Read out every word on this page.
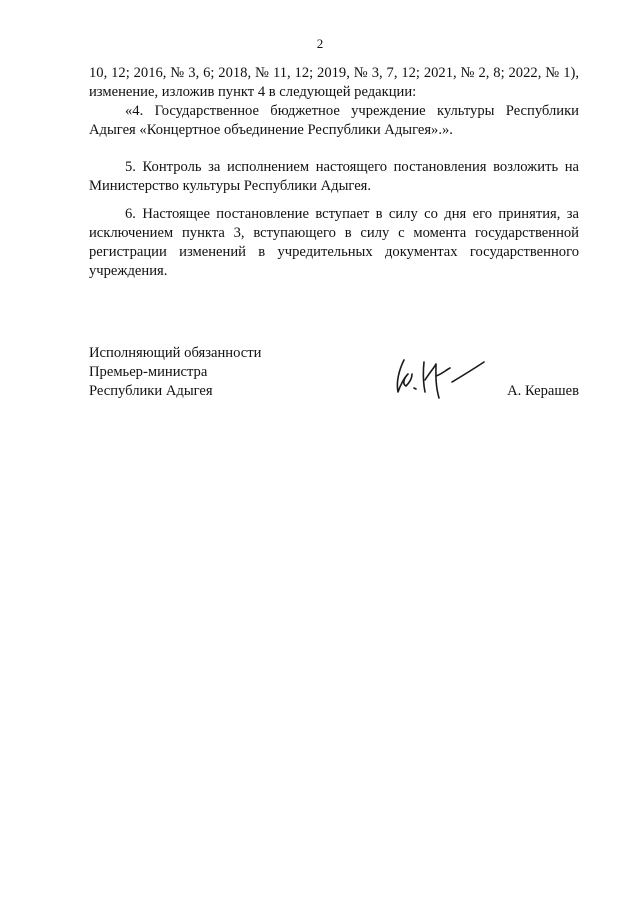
2
10, 12; 2016, № 3, 6; 2018, № 11, 12; 2019, № 3, 7, 12; 2021, № 2, 8; 2022, № 1),
изменение, изложив пункт 4 в следующей редакции:
«4. Государственное бюджетное учреждение культуры Республики
Адыгея «Концертное объединение Республики Адыгея».».
5. Контроль за исполнением настоящего постановления возложить на
Министерство культуры Республики Адыгея.
6. Настоящее постановление вступает в силу со дня его принятия, за
исключением пункта 3, вступающего в силу с момента государственной
регистрации изменений в учредительных документах государственного
учреждения.
Исполняющий обязанности
Премьер-министра
Республики Адыгея	А. Керашев
